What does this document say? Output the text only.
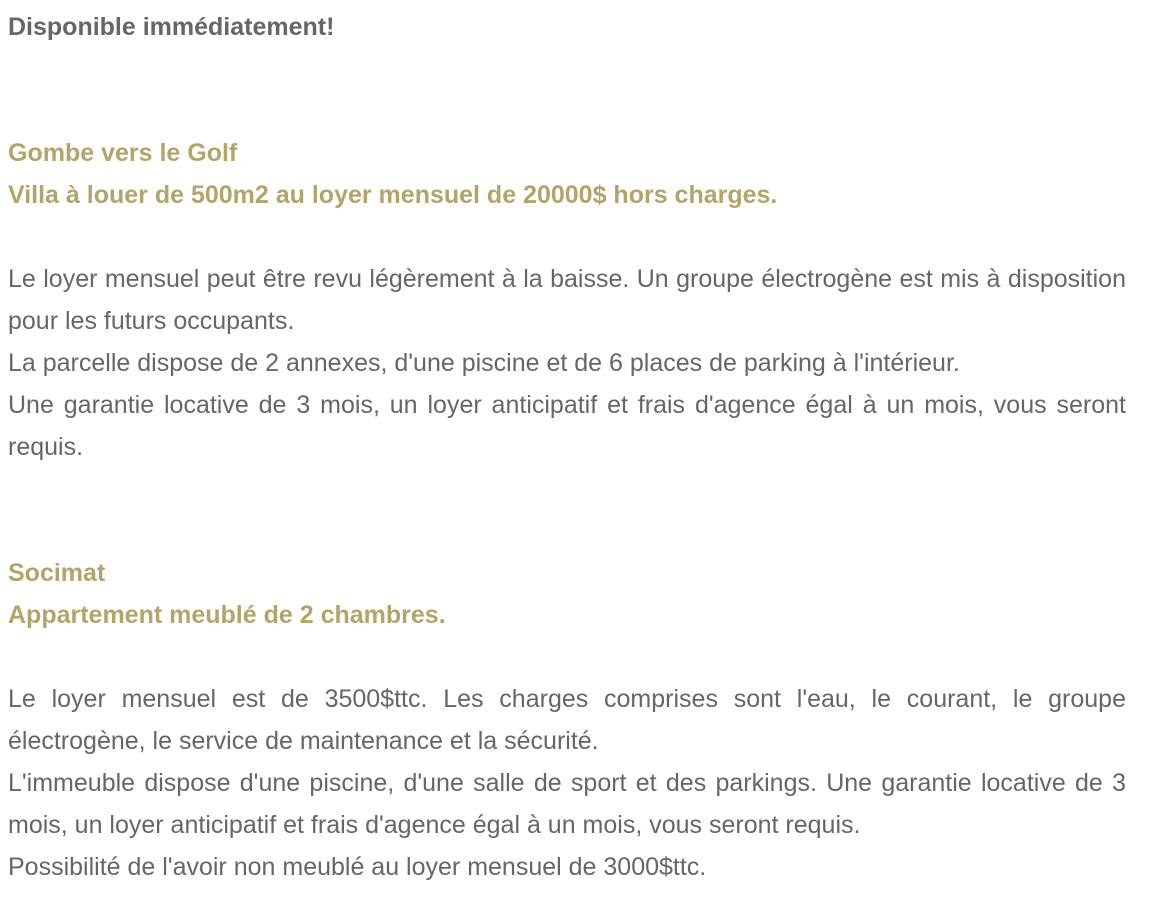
Disponible immédiatement!

Gombe vers le Golf

Villa à louer de 500m2 au loyer mensuel de 20000$ hors charges.

Le loyer mensuel peut être revu légèrement à la baisse. Un groupe électrogène est mis à disposition pour les futurs occupants.

La parcelle dispose de 2 annexes, d'une piscine et de 6 places de parking à l'intérieur.

Une garantie locative de 3 mois, un loyer anticipatif et frais d'agence égal à un mois, vous seront requis.

Socimat

Appartement meublé de 2 chambres.

Le loyer mensuel est de 3500$ttc. Les charges comprises sont l'eau, le courant, le groupe électrogène, le service de maintenance et la sécurité.

L'immeuble dispose d'une piscine, d'une salle de sport et des parkings. Une garantie locative de 3 mois, un loyer anticipatif et frais d'agence égal à un mois, vous seront requis.

Possibilité de l'avoir non meublé au loyer mensuel de 3000$ttc.
